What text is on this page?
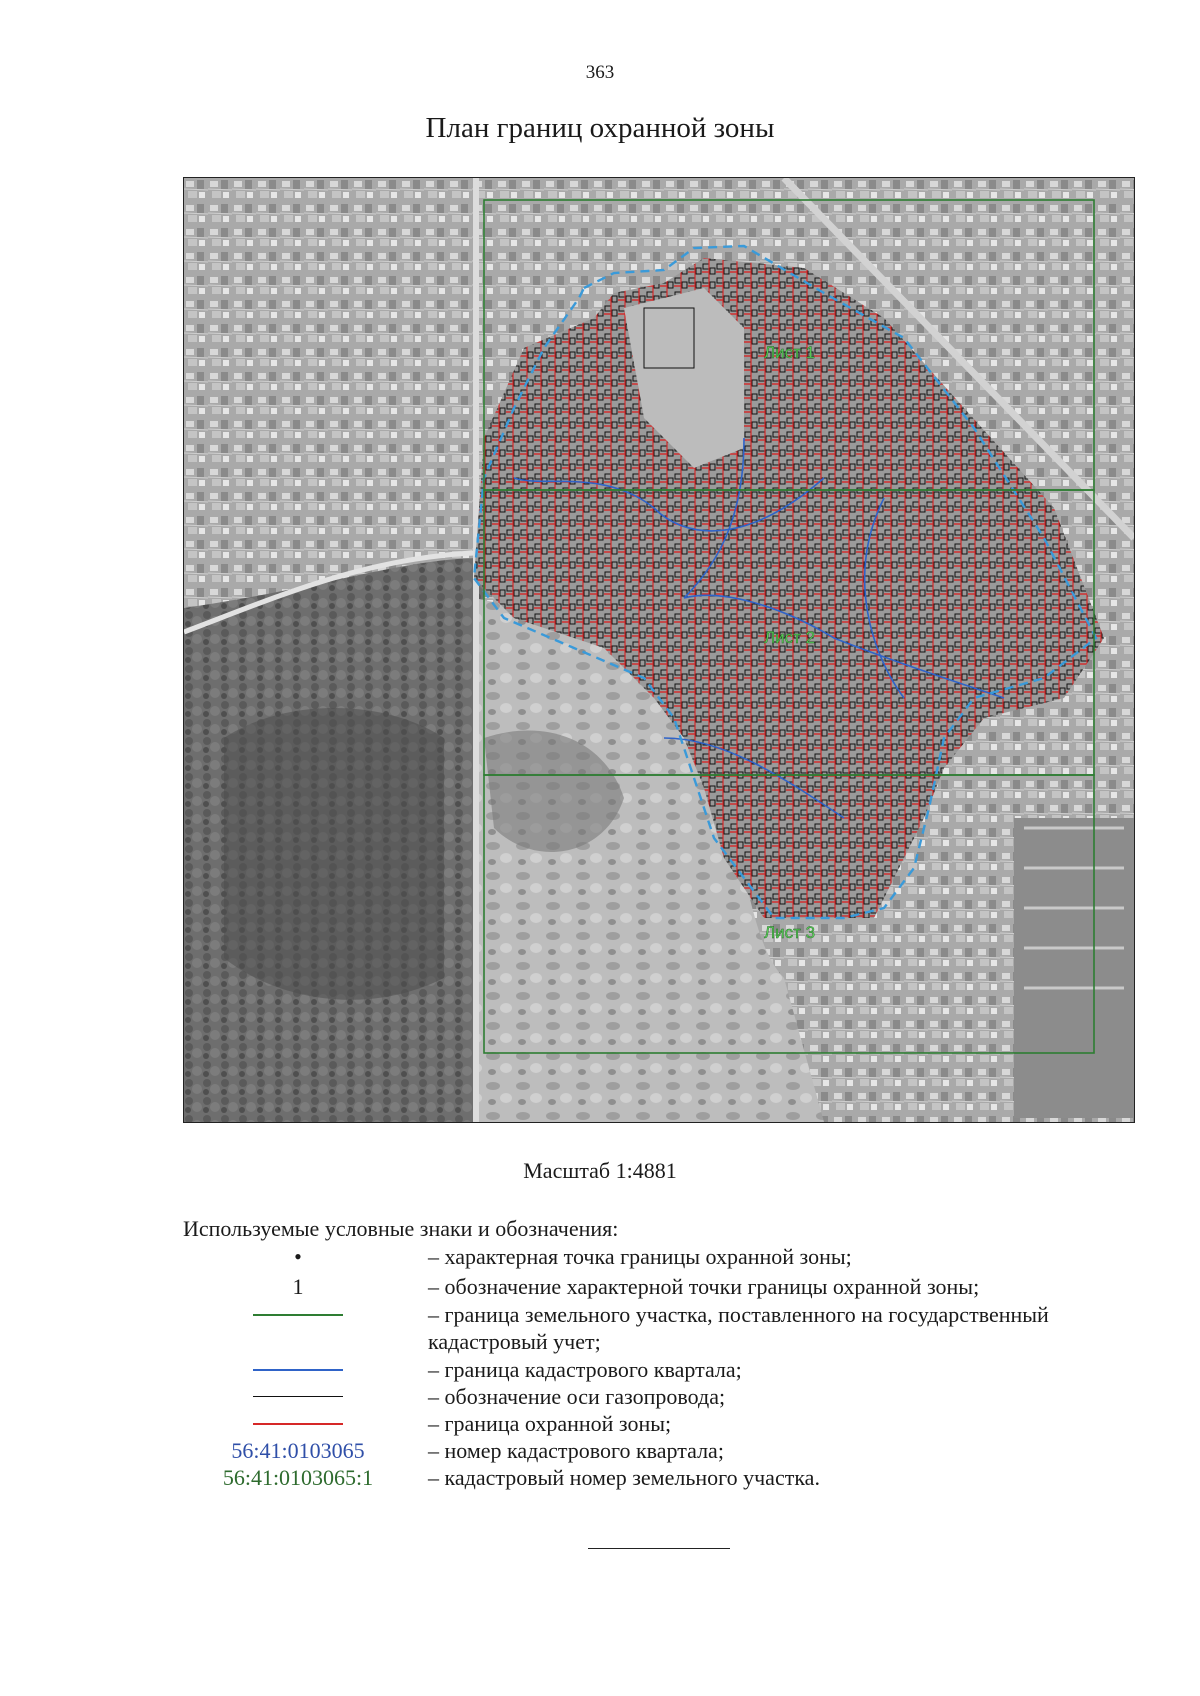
363
План границ охранной зоны
Лист 1
Лист 2
Лист 3
Масштаб 1:4881
Используемые условные знаки и обозначения:
•	– характерная точка границы охранной зоны;
1	– обозначение характерной точки границы охранной зоны;
– граница земельного участка, поставленного на государственный кадастровый учет;
– граница кадастрового квартала;
– обозначение оси газопровода;
– граница охранной зоны;
56:41:0103065	– номер кадастрового квартала;
56:41:0103065:1	– кадастровый номер земельного участка.
